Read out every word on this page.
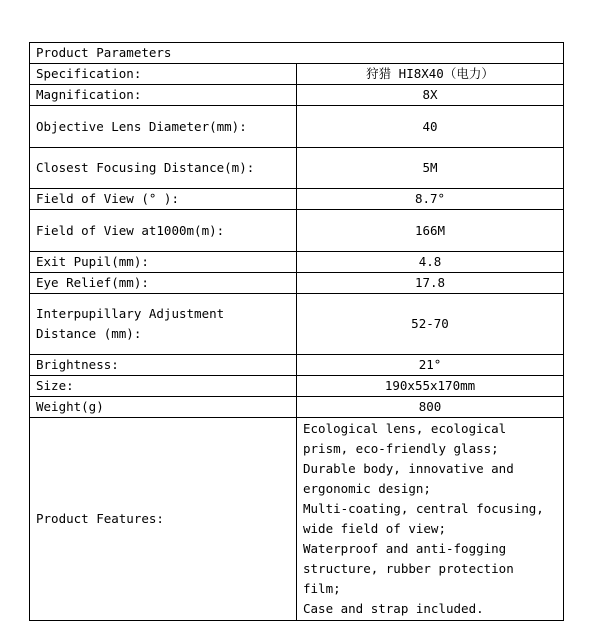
Product Parameters	
Specification:	狩猎 HI8X40（电力）
Magnification:	8X
Objective Lens Diameter(mm):	40
Closest Focusing Distance(m):	5M
Field of View (° ):	8.7°
Field of View at1000m(m):	166M
Exit Pupil(mm):	4.8
Eye Relief(mm):	17.8
Interpupillary Adjustment Distance (mm):	52-70
Brightness:	21°
Size:	190x55x170mm
Weight(g)	800
Product Features:	Ecological lens, ecological prism, eco-friendly glass;
Durable body, innovative and ergonomic design;
Multi-coating, central focusing, wide field of view;
Waterproof and anti-fogging structure, rubber protection film;
Case and strap included.
